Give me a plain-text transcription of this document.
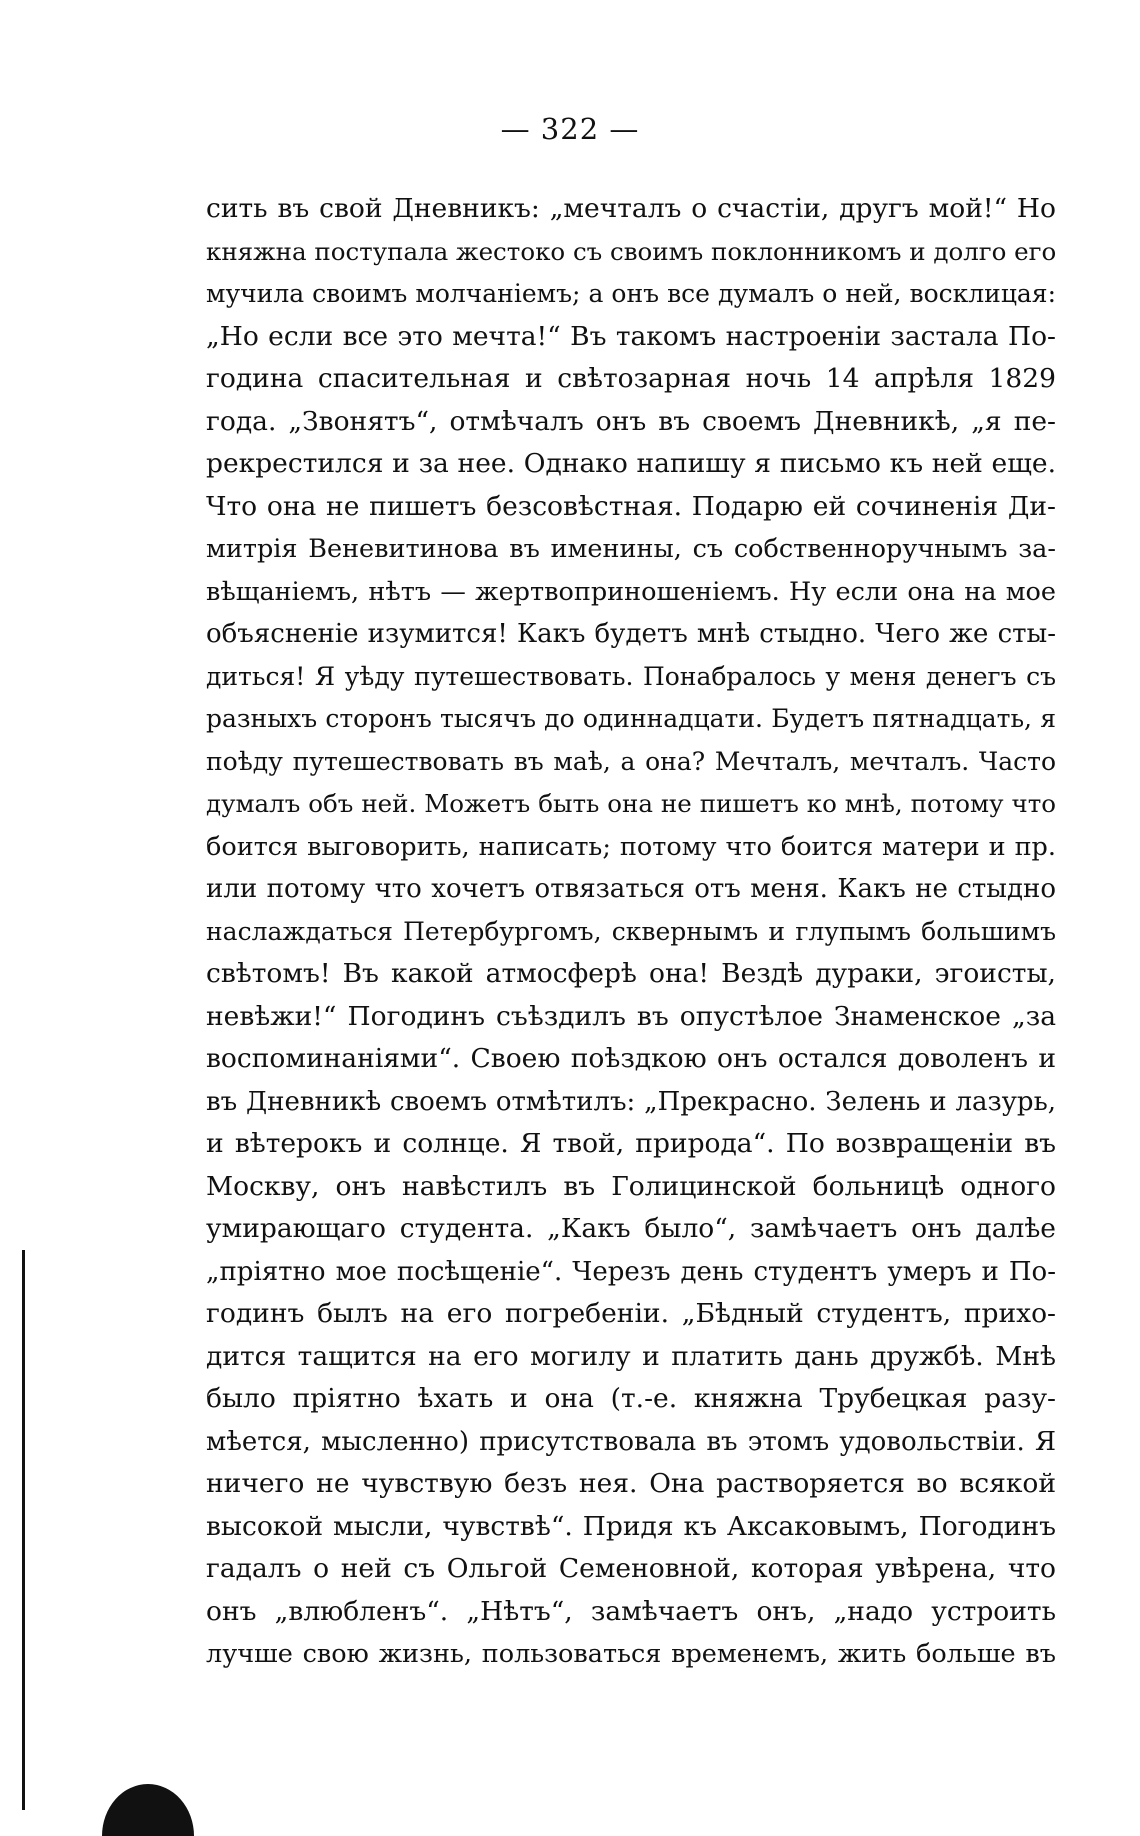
— 322 —
сить въ свой Дневникъ: „мечталъ о счастіи, другъ мой!“ Но
княжна поступала жестоко съ своимъ поклонникомъ и долго его
мучила своимъ молчаніемъ; а онъ все думалъ о ней, восклицая:
„Но если все это мечта!“ Въ такомъ настроеніи застала По-
година спасительная и свѣтозарная ночь 14 апрѣля 1829
года. „Звонятъ“, отмѣчалъ онъ въ своемъ Дневникѣ, „я пе-
рекрестился и за нее. Однако напишу я письмо къ ней еще.
Что она не пишетъ безсовѣстная. Подарю ей сочиненія Ди-
митрія Веневитинова въ именины, съ собственноручнымъ за-
вѣщаніемъ, нѣтъ — жертвоприношеніемъ. Ну если она на мое
объясненіе изумится! Какъ будетъ мнѣ стыдно. Чего же сты-
диться! Я уѣду путешествовать. Понабралось у меня денегъ съ
разныхъ сторонъ тысячъ до одиннадцати. Будетъ пятнадцать, я
поѣду путешествовать въ маѣ, а она? Мечталъ, мечталъ. Часто
думалъ объ ней. Можетъ быть она не пишетъ ко мнѣ, потому что
боится выговорить, написать; потому что боится матери и пр.
или потому что хочетъ отвязаться отъ меня. Какъ не стыдно
наслаждаться Петербургомъ, сквернымъ и глупымъ большимъ
свѣтомъ! Въ какой атмосферѣ она! Вездѣ дураки, эгоисты,
невѣжи!“ Погодинъ съѣздилъ въ опустѣлое Знаменское „за
воспоминаніями“. Своею поѣздкою онъ остался доволенъ и
въ Дневникѣ своемъ отмѣтилъ: „Прекрасно. Зелень и лазурь,
и вѣтерокъ и солнце. Я твой, природа“. По возвращеніи въ
Москву, онъ навѣстилъ въ Голицинской больницѣ одного
умирающаго студента. „Какъ было“, замѣчаетъ онъ далѣе
„пріятно мое посѣщеніе“. Черезъ день студентъ умеръ и По-
годинъ былъ на его погребеніи. „Бѣдный студентъ, прихо-
дится тащится на его могилу и платить дань дружбѣ. Мнѣ
было пріятно ѣхать и она (т.-е. княжна Трубецкая разу-
мѣется, мысленно) присутствовала въ этомъ удовольствіи. Я
ничего не чувствую безъ нея. Она растворяется во всякой
высокой мысли, чувствѣ“. Придя къ Аксаковымъ, Погодинъ
гадалъ о ней съ Ольгой Семеновной, которая увѣрена, что
онъ „влюбленъ“. „Нѣтъ“, замѣчаетъ онъ, „надо устроить
лучше свою жизнь, пользоваться временемъ, жить больше въ
